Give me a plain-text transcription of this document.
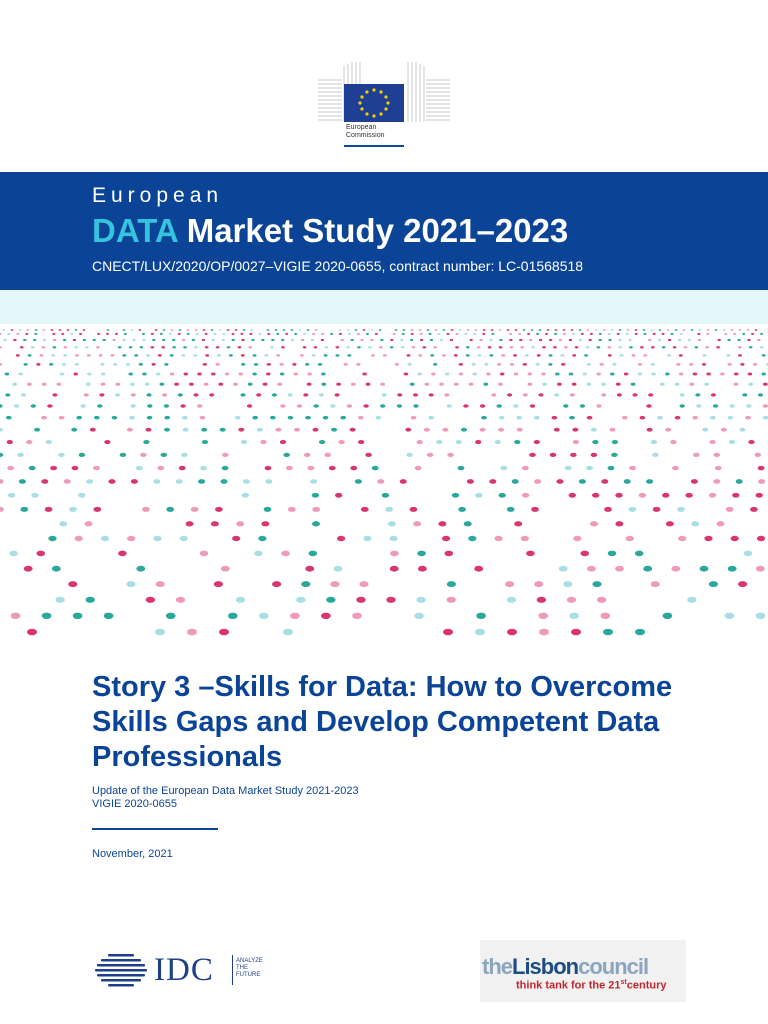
European
Commission
European
DATA Market Study 2021–2023
CNECT/LUX/2020/OP/0027–VIGIE 2020-0655, contract number: LC-01568518
Story 3 –Skills for Data: How to Overcome Skills Gaps and Develop Competent Data Professionals
Update of the European Data Market Study 2021-2023
VIGIE 2020-0655
November, 2021
IDC	ANALYZE
THE
FUTURE	theLisboncouncil
think tank for the 21stcentury
